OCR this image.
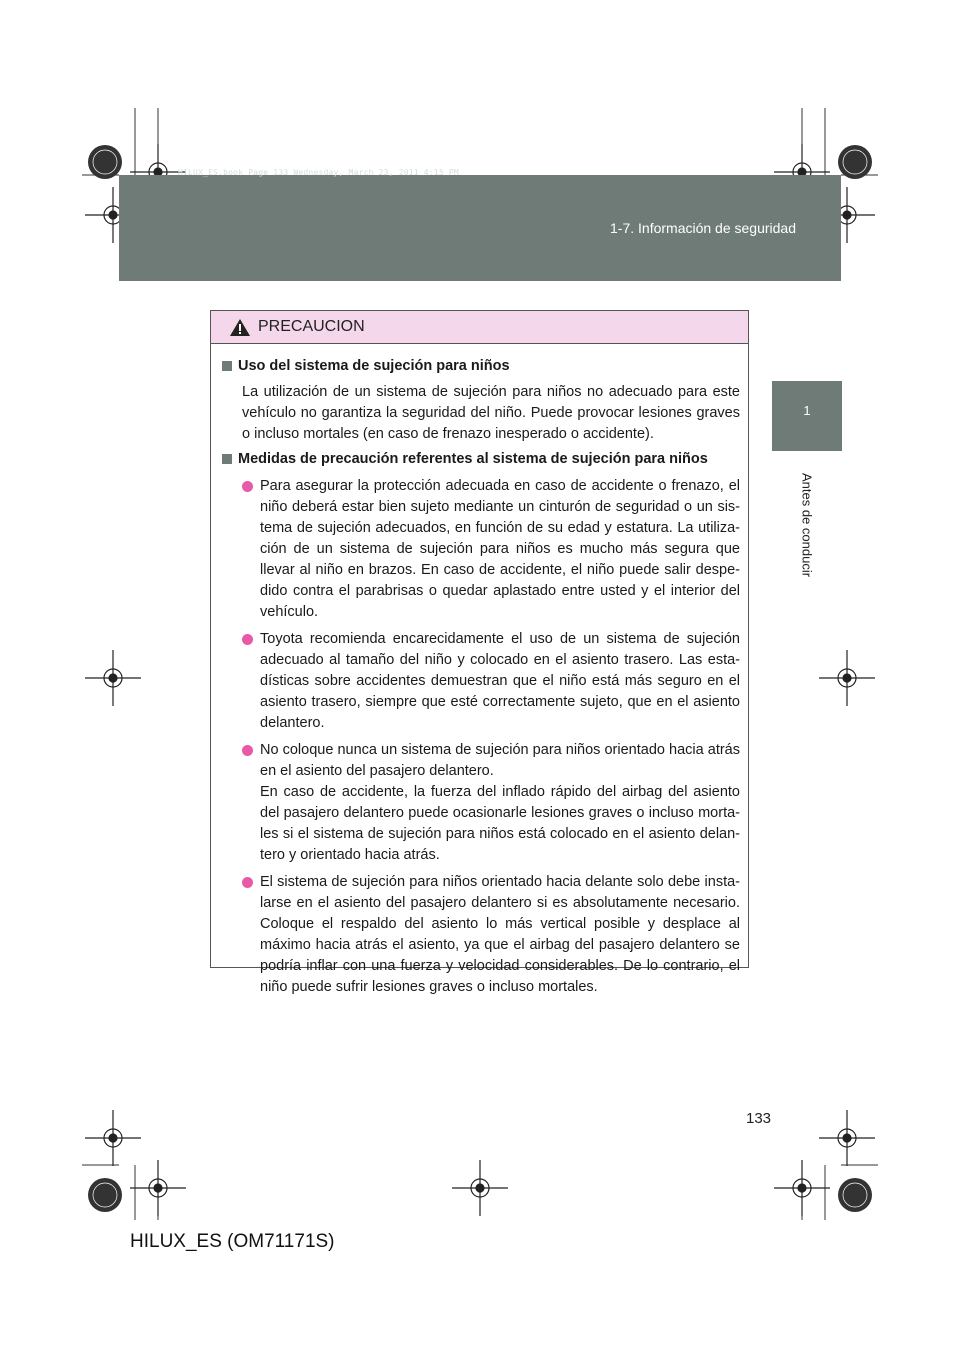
HILUX_ES.book Page 133 Wednesday, March 23, 2011 4:15 PM
1-7. Información de seguridad
1
Antes de conducir
PRECAUCION
Uso del sistema de sujeción para niños
La utilización de un sistema de sujeción para niños no adecuado para este vehículo no garantiza la seguridad del niño. Puede provocar lesiones graves o incluso mortales (en caso de frenazo inesperado o accidente).
Medidas de precaución referentes al sistema de sujeción para niños
Para asegurar la protección adecuada en caso de accidente o frenazo, el niño deberá estar bien sujeto mediante un cinturón de seguridad o un sis-tema de sujeción adecuados, en función de su edad y estatura. La utiliza-ción de un sistema de sujeción para niños es mucho más segura que llevar al niño en brazos. En caso de accidente, el niño puede salir despe-dido contra el parabrisas o quedar aplastado entre usted y el interior del vehículo.
Toyota recomienda encarecidamente el uso de un sistema de sujeción adecuado al tamaño del niño y colocado en el asiento trasero. Las esta-dísticas sobre accidentes demuestran que el niño está más seguro en el asiento trasero, siempre que esté correctamente sujeto, que en el asiento delantero.
No coloque nunca un sistema de sujeción para niños orientado hacia atrás en el asiento del pasajero delantero.
En caso de accidente, la fuerza del inflado rápido del airbag del asiento del pasajero delantero puede ocasionarle lesiones graves o incluso morta-les si el sistema de sujeción para niños está colocado en el asiento delan-tero y orientado hacia atrás.
El sistema de sujeción para niños orientado hacia delante solo debe insta-larse en el asiento del pasajero delantero si es absolutamente necesario. Coloque el respaldo del asiento lo más vertical posible y desplace al máximo hacia atrás el asiento, ya que el airbag del pasajero delantero se podría inflar con una fuerza y velocidad considerables. De lo contrario, el niño puede sufrir lesiones graves o incluso mortales.
133
HILUX_ES (OM71171S)
